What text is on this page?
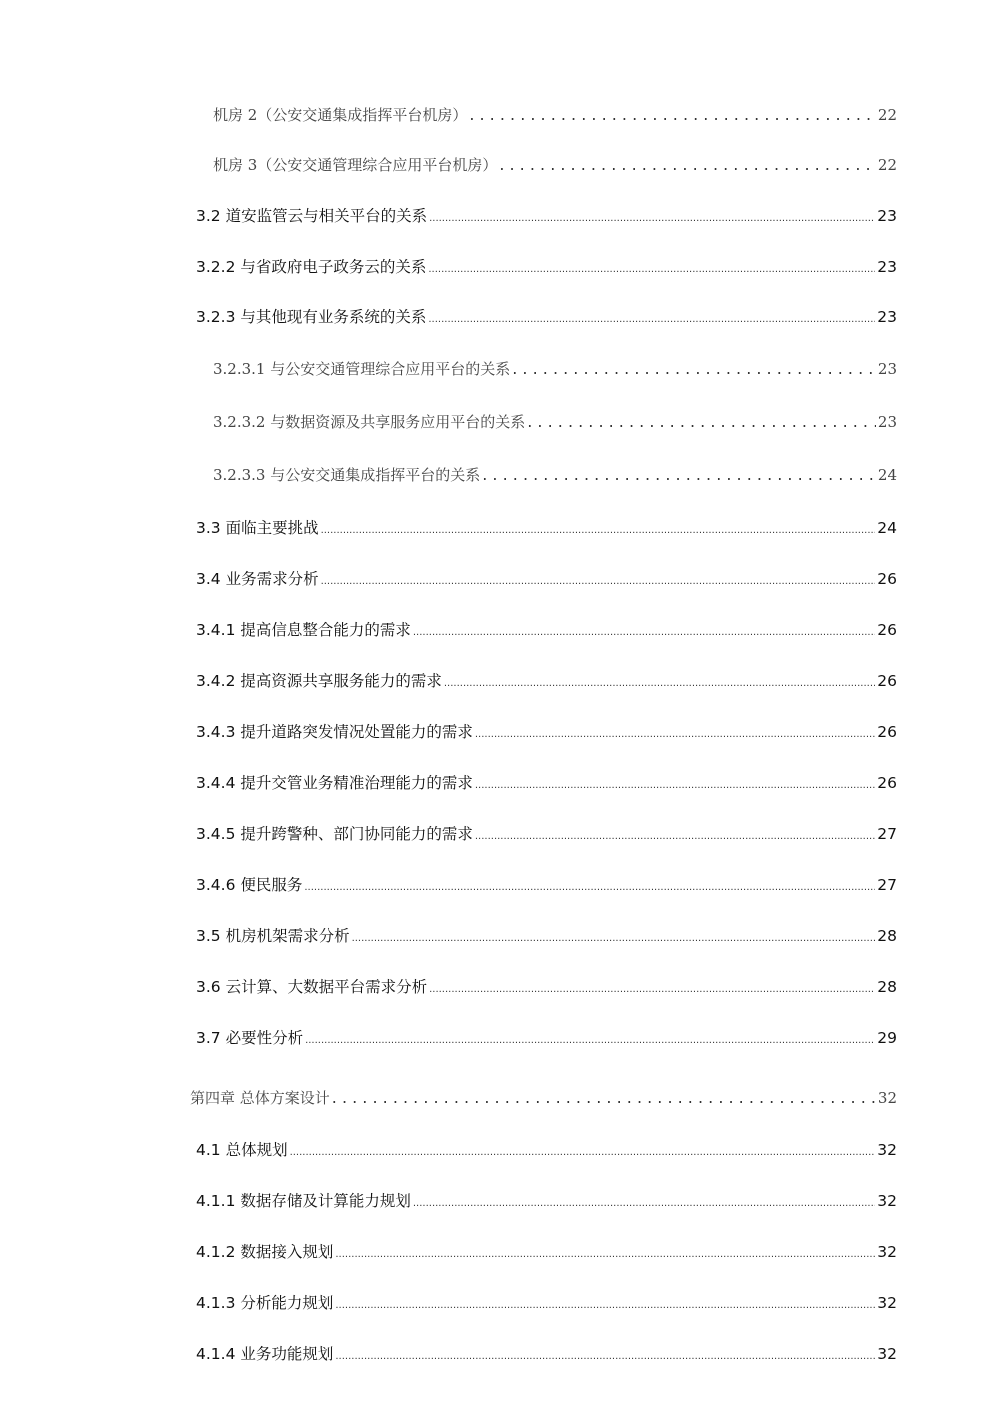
机房 2（公安交通集成指挥平台机房） . . .	22
机房 3（公安交通管理综合应用平台机房） . . .	22
3.2 道安监管云与相关平台的关系 .....	23
3.2.2 与省政府电子政务云的关系 .....	23
3.2.3 与其他现有业务系统的关系 .....	23
3.2.3.1 与公安交通管理综合应用平台的关系 . . .	23
3.2.3.2 与数据资源及共享服务应用平台的关系 . . .	23
3.2.3.3 与公安交通集成指挥平台的关系 . . .	24
3.3 面临主要挑战 .....	24
3.4 业务需求分析 .....	26
3.4.1 提高信息整合能力的需求 .....	26
3.4.2 提高资源共享服务能力的需求 .....	26
3.4.3 提升道路突发情况处置能力的需求 .....	26
3.4.4 提升交管业务精准治理能力的需求 .....	26
3.4.5 提升跨警种、部门协同能力的需求 .....	27
3.4.6 便民服务 .....	27
3.5 机房机架需求分析 .....	28
3.6 云计算、大数据平台需求分析 .....	28
3.7 必要性分析 .....	29
第四章 总体方案设计 . . .	32
4.1 总体规划 .....	32
4.1.1 数据存储及计算能力规划 .....	32
4.1.2 数据接入规划 .....	32
4.1.3 分析能力规划 .....	32
4.1.4 业务功能规划 .....	32
